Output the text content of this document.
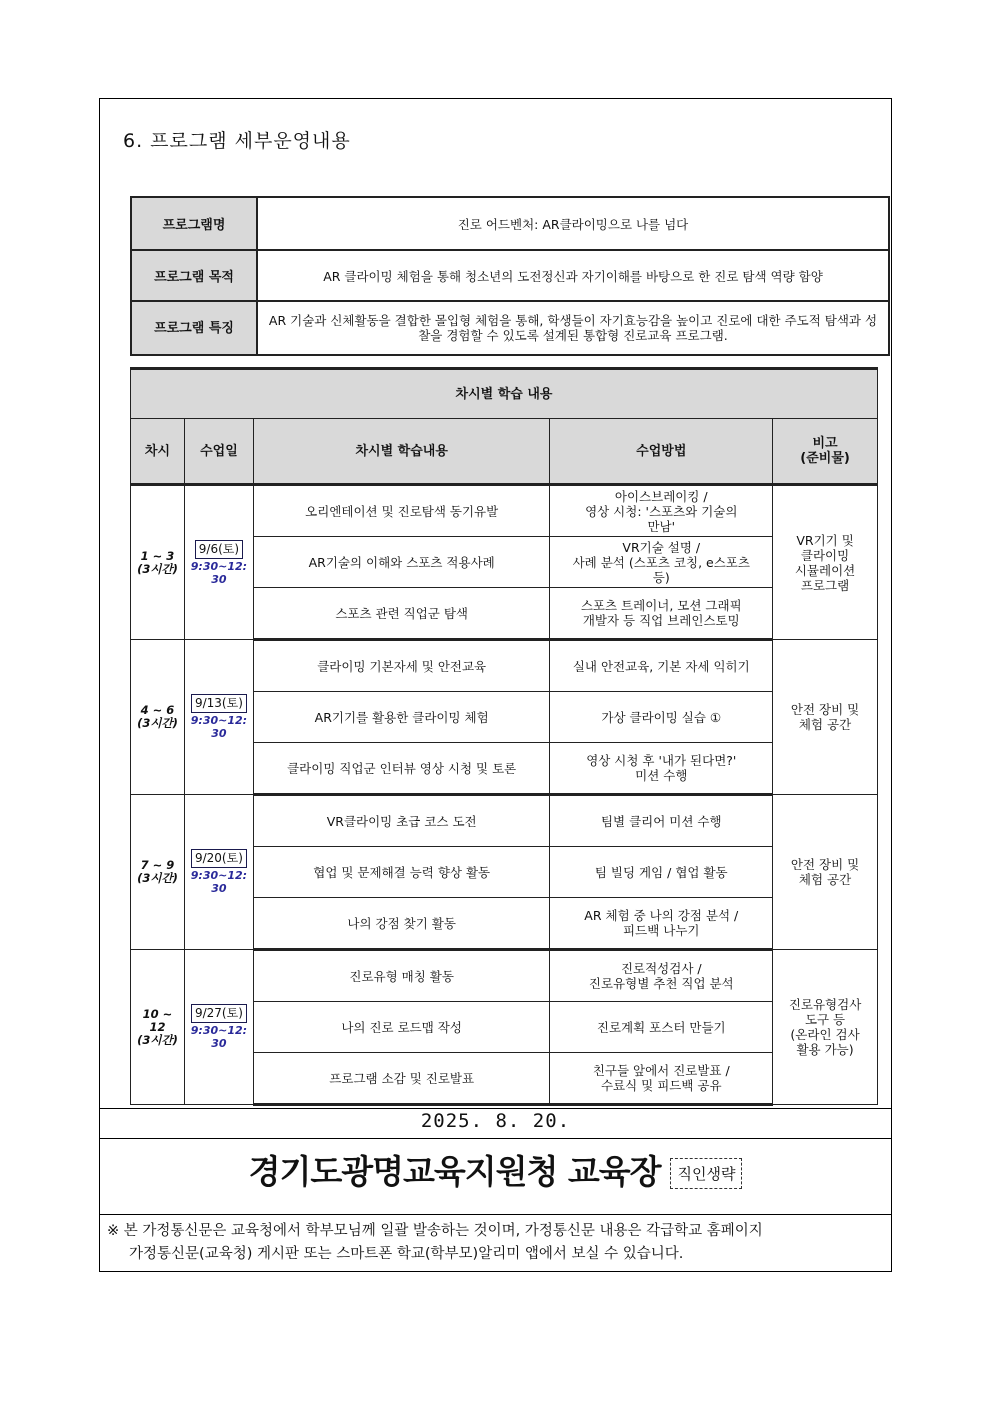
6. 프로그램 세부운영내용
프로그램명	진로 어드벤처: AR클라이밍으로 나를 넘다
프로그램 목적	AR 클라이밍 체험을 통해 청소년의 도전정신과 자기이해를 바탕으로 한 진로 탐색 역량 함양
프로그램 특징	AR 기술과 신체활동을 결합한 몰입형 체험을 통해, 학생들이 자기효능감을 높이고 진로에 대한 주도적 탐색과 성찰을 경험할 수 있도록 설계된 통합형 진로교육 프로그램.
차시별 학습 내용				
차시	수업일	차시별 학습내용	수업방법	비고
(준비물)
1 ~ 3
(3시간)	9/6(토)
9:30~12:
30	오리엔테이션 및 진로탐색 동기유발	아이스브레이킹 /
영상 시청: '스포츠와 기술의
만남'	VR기기 및
클라이밍
시뮬레이션
프로그램
		AR기술의 이해와 스포츠 적용사례	VR기술 설명 /
사례 분석 (스포츠 코칭, e스포츠
등)	
		스포츠 관련 직업군 탐색	스포츠 트레이너, 모션 그래픽
개발자 등 직업 브레인스토밍	
4 ~ 6
(3시간)	9/13(토)
9:30~12:
30	클라이밍 기본자세 및 안전교육	실내 안전교육, 기본 자세 익히기	안전 장비 및
체험 공간
		AR기기를 활용한 클라이밍 체험	가상 클라이밍 실습 ①	
		클라이밍 직업군 인터뷰 영상 시청 및 토론	영상 시청 후 '내가 된다면?'
미션 수행	
7 ~ 9
(3시간)	9/20(토)
9:30~12:
30	VR클라이밍 초급 코스 도전	팀별 클리어 미션 수행	안전 장비 및
체험 공간
		협업 및 문제해결 능력 향상 활동	팀 빌딩 게임 / 협업 활동	
		나의 강점 찾기 활동	AR 체험 중 나의 강점 분석 /
피드백 나누기	
10 ~
12
(3시간)	9/27(토)
9:30~12:
30	진로유형 매칭 활동	진로적성검사 /
진로유형별 추천 직업 분석	진로유형검사
도구 등
(온라인 검사
활용 가능)
		나의 진로 로드맵 작성	진로계획 포스터 만들기	
		프로그램 소감 및 진로발표	친구들 앞에서 진로발표 /
수료식 및 피드백 공유	
2025. 8. 20.
경기도광명교육지원청 교육장 직인생략
※ 본 가정통신문은 교육청에서 학부모님께 일괄 발송하는 것이며, 가정통신문 내용은 각급학교 홈페이지
가정통신문(교육청) 게시판 또는 스마트폰 학교(학부모)알리미 앱에서 보실 수 있습니다.
